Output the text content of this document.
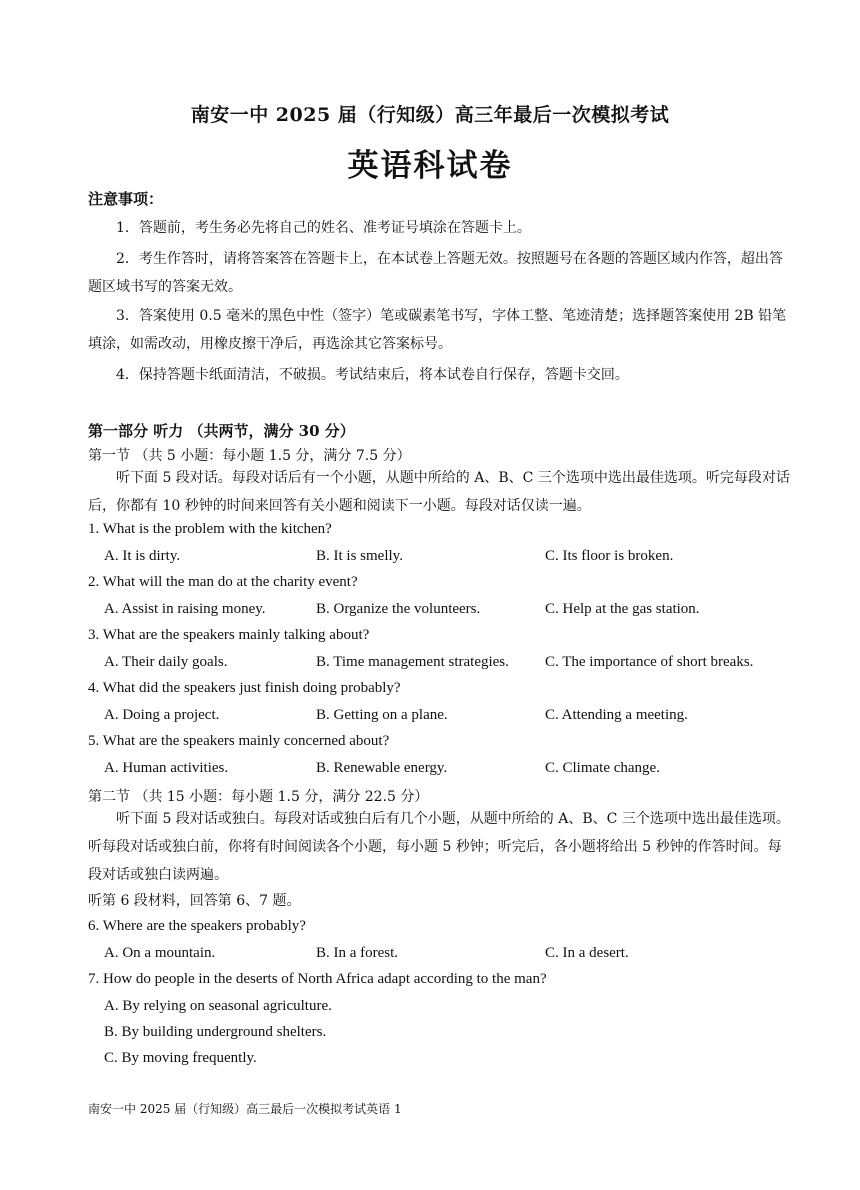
南安一中 2025 届（行知级）高三年最后一次模拟考试
英语科试卷
注意事项：

1．答题前，考生务必先将自己的姓名、准考证号填涂在答题卡上。

2．考生作答时，请将答案答在答题卡上，在本试卷上答题无效。按照题号在各题的答题区域内作答，超出答题区域书写的答案无效。

3．答案使用 0.5 毫米的黑色中性（签字）笔或碳素笔书写，字体工整、笔迹清楚；选择题答案使用 2B 铅笔填涂，如需改动，用橡皮擦干净后，再选涂其它答案标号。

4．保持答题卡纸面清洁，不破损。考试结束后，将本试卷自行保存，答题卡交回。

第一部分 听力 （共两节，满分 30 分）
第一节 （共 5 小题：每小题 1.5 分，满分 7.5 分）

听下面 5 段对话。每段对话后有一个小题，从题中所给的 A、B、C 三个选项中选出最佳选项。听完每段对话后，你都有 10 秒钟的时间来回答有关小题和阅读下一小题。每段对话仅读一遍。

1. What is the problem with the kitchen?
A. It is dirty.	B. It is smelly.	C. Its floor is broken.
2. What will the man do at the charity event?
A. Assist in raising money.	B. Organize the volunteers.	C. Help at the gas station.
3. What are the speakers mainly talking about?
A. Their daily goals.	B. Time management strategies. C. The importance of short breaks.
4. What did the speakers just finish doing probably?
A. Doing a project.	B. Getting on a plane.	C. Attending a meeting.
5. What are the speakers mainly concerned about?
A. Human activities.	B. Renewable energy.	C. Climate change.
第二节 （共 15 小题：每小题 1.5 分，满分 22.5 分）

听下面 5 段对话或独白。每段对话或独白后有几个小题，从题中所给的 A、B、C 三个选项中选出最佳选项。听每段对话或独白前，你将有时间阅读各个小题，每小题 5 秒钟；听完后，各小题将给出 5 秒钟的作答时间。每段对话或独白读两遍。

听第 6 段材料，回答第 6、7 题。
6. Where are the speakers probably?
A. On a mountain.	B. In a forest.	C. In a desert.
7. How do people in the deserts of North Africa adapt according to the man?
A. By relying on seasonal agriculture.
B. By building underground shelters.
C. By moving frequently.
南安一中 2025 届（行知级）高三最后一次模拟考试英语 1
